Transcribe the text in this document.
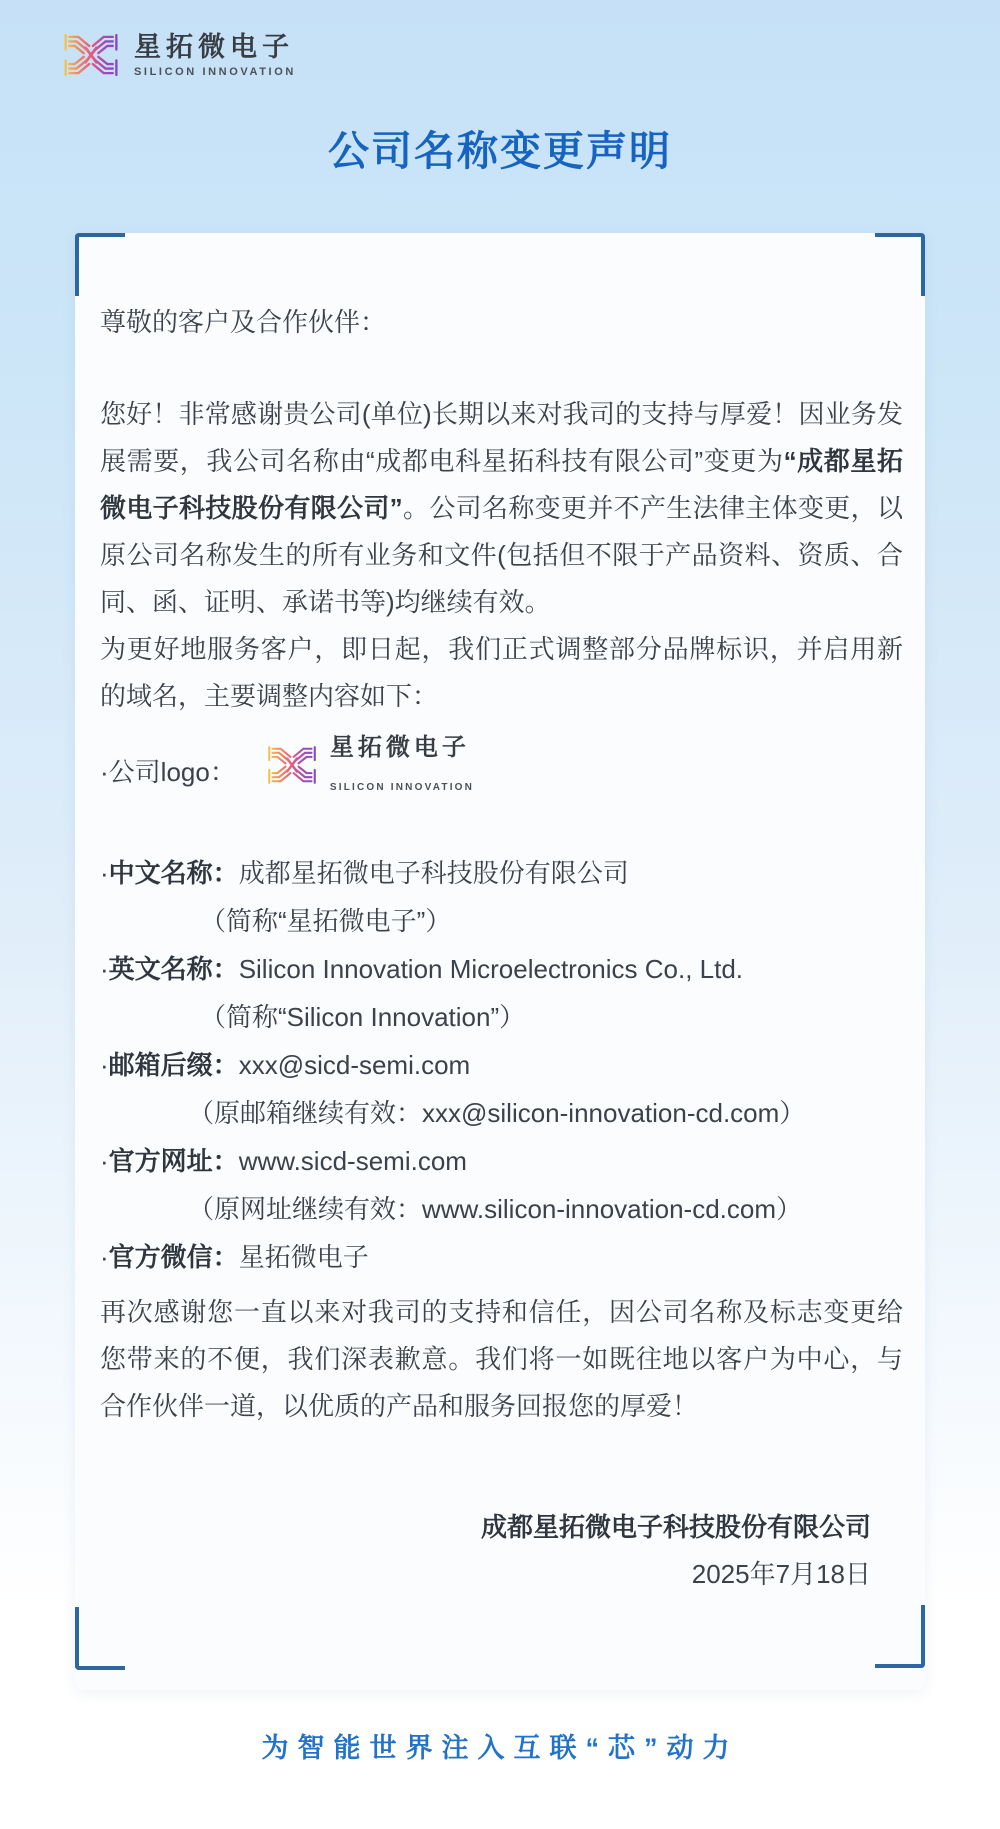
星拓微电子
SILICON INNOVATION
公司名称变更声明

尊敬的客户及合作伙伴：

您好！非常感谢贵公司(单位)长期以来对我司的支持与厚爱！因业务发展需要，我公司名称由“成都电科星拓科技有限公司”变更为“成都星拓微电子科技股份有限公司”。公司名称变更并不产生法律主体变更，以原公司名称发生的所有业务和文件(包括但不限于产品资料、资质、合同、函、证明、承诺书等)均继续有效。

为更好地服务客户，即日起，我们正式调整部分品牌标识，并启用新的域名，主要调整内容如下：

·公司logo：
星拓微电子
SILICON INNOVATION
·中文名称：成都星拓微电子科技股份有限公司
（简称“星拓微电子”）
·英文名称：Silicon Innovation Microelectronics Co., Ltd.
（简称“Silicon Innovation”）
·邮箱后缀：xxx@sicd-semi.com
（原邮箱继续有效：xxx@silicon-innovation-cd.com）
·官方网址：www.sicd-semi.com
（原网址继续有效：www.silicon-innovation-cd.com）
·官方微信：星拓微电子

再次感谢您一直以来对我司的支持和信任，因公司名称及标志变更给您带来的不便，我们深表歉意。我们将一如既往地以客户为中心，与合作伙伴一道，以优质的产品和服务回报您的厚爱！

成都星拓微电子科技股份有限公司
2025年7月18日
为智能世界注入互联“芯”动力
